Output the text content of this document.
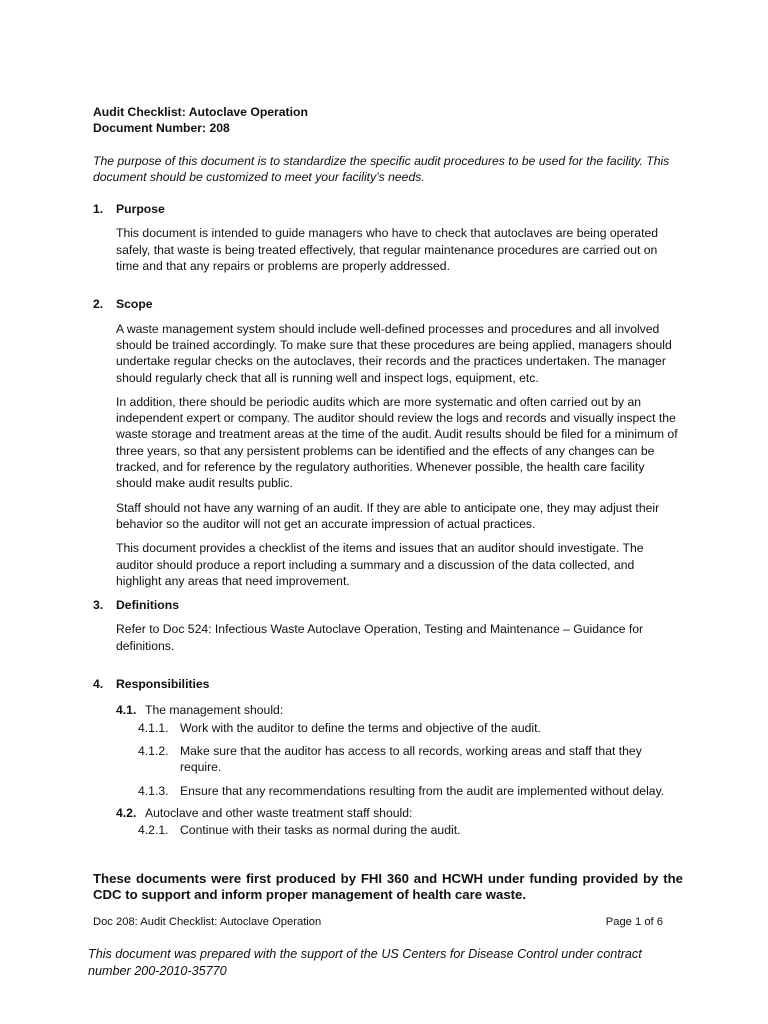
Audit Checklist: Autoclave Operation
Document Number: 208
The purpose of this document is to standardize the specific audit procedures to be used for the facility. This document should be customized to meet your facility’s needs.
1.	Purpose
This document is intended to guide managers who have to check that autoclaves are being operated safely, that waste is being treated effectively, that regular maintenance procedures are carried out on time and that any repairs or problems are properly addressed.
2.	Scope
A waste management system should include well-defined processes and procedures and all involved should be trained accordingly. To make sure that these procedures are being applied, managers should undertake regular checks on the autoclaves, their records and the practices undertaken. The manager should regularly check that all is running well and inspect logs, equipment, etc.
In addition, there should be periodic audits which are more systematic and often carried out by an independent expert or company. The auditor should review the logs and records and visually inspect the waste storage and treatment areas at the time of the audit. Audit results should be filed for a minimum of three years, so that any persistent problems can be identified and the effects of any changes can be tracked, and for reference by the regulatory authorities. Whenever possible, the health care facility should make audit results public.
Staff should not have any warning of an audit. If they are able to anticipate one, they may adjust their behavior so the auditor will not get an accurate impression of actual practices.
This document provides a checklist of the items and issues that an auditor should investigate. The auditor should produce a report including a summary and a discussion of the data collected, and highlight any areas that need improvement.
3.	Definitions
Refer to Doc 524: Infectious Waste Autoclave Operation, Testing and Maintenance – Guidance for definitions.
4.	Responsibilities
4.1. The management should:
4.1.1. Work with the auditor to define the terms and objective of the audit.
4.1.2. Make sure that the auditor has access to all records, working areas and staff that they require.
4.1.3. Ensure that any recommendations resulting from the audit are implemented without delay.
4.2. Autoclave and other waste treatment staff should:
4.2.1. Continue with their tasks as normal during the audit.
These documents were first produced by FHI 360 and HCWH under funding provided by the CDC to support and inform proper management of health care waste.
Doc 208: Audit Checklist: Autoclave Operation	Page 1 of 6
This document was prepared with the support of the US Centers for Disease Control under contract number 200-2010-35770
